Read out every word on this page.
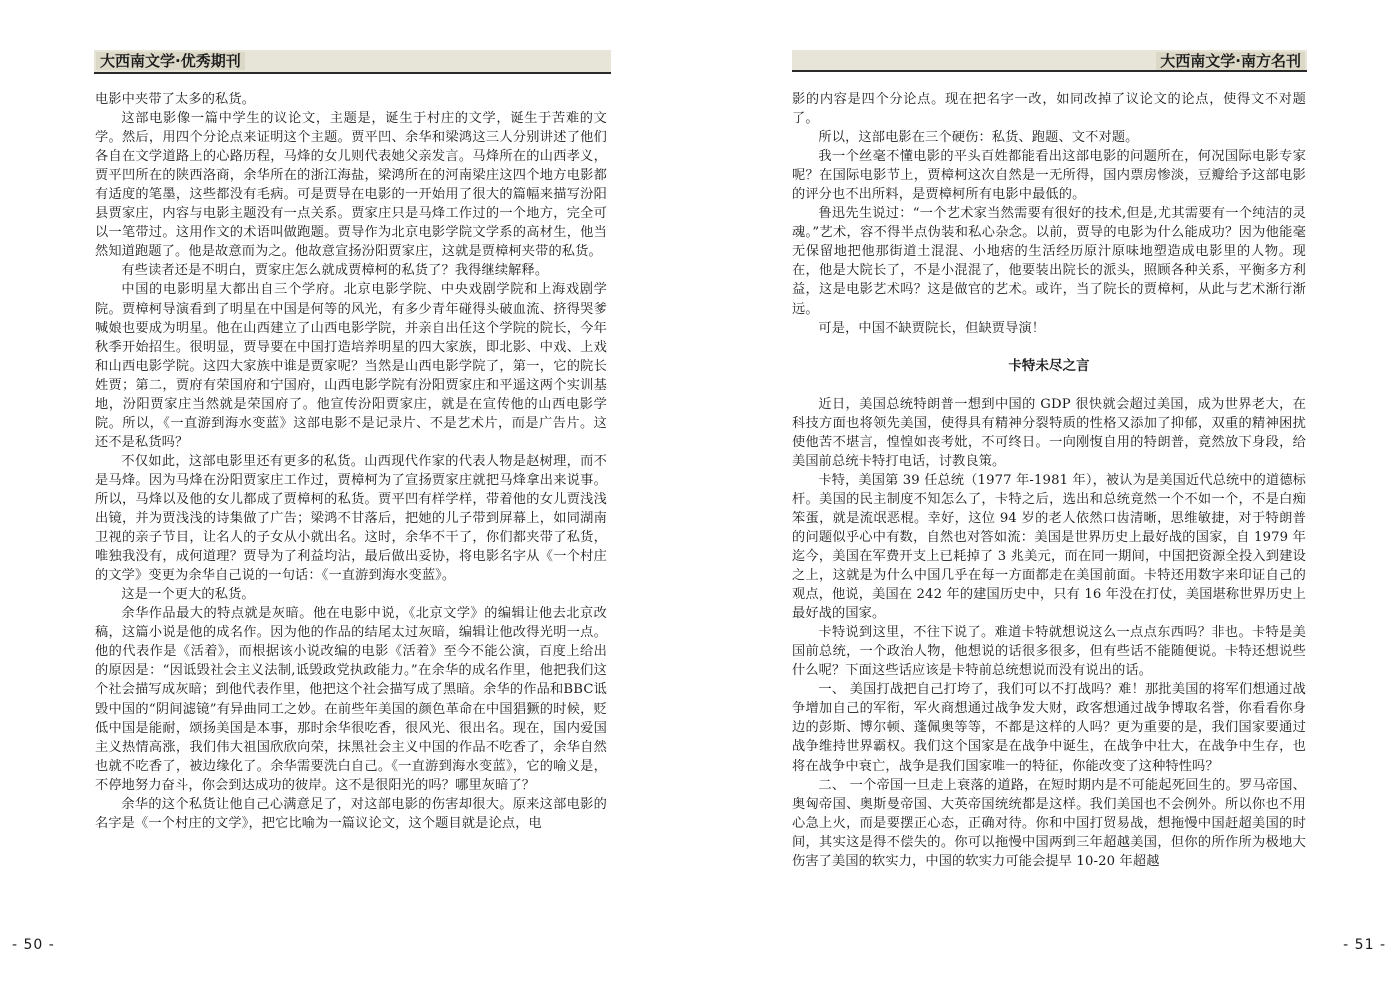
大西南文学·优秀期刊

电影中夹带了太多的私货。

这部电影像一篇中学生的议论文，主题是，诞生于村庄的文学，诞生于苦难的文学。然后，用四个分论点来证明这个主题。贾平凹、余华和梁鸿这三人分别讲述了他们各自在文学道路上的心路历程，马烽的女儿则代表她父亲发言。马烽所在的山西孝义，贾平凹所在的陕西洛商，余华所在的浙江海盐，梁鸿所在的河南梁庄这四个地方电影都有适度的笔墨，这些都没有毛病。可是贾导在电影的一开始用了很大的篇幅来描写汾阳县贾家庄，内容与电影主题没有一点关系。贾家庄只是马烽工作过的一个地方，完全可以一笔带过。这用作文的术语叫做跑题。贾导作为北京电影学院文学系的高材生，他当然知道跑题了。他是故意而为之。他故意宣扬汾阳贾家庄，这就是贾樟柯夹带的私货。

有些读者还是不明白，贾家庄怎么就成贾樟柯的私货了？我得继续解释。

中国的电影明星大都出自三个学府。北京电影学院、中央戏剧学院和上海戏剧学院。贾樟柯导演看到了明星在中国是何等的风光，有多少青年碰得头破血流、挤得哭爹喊娘也要成为明星。他在山西建立了山西电影学院，并亲自出任这个学院的院长，今年秋季开始招生。很明显，贾导要在中国打造培养明星的四大家族，即北影、中戏、上戏和山西电影学院。这四大家族中谁是贾家呢？当然是山西电影学院了，第一，它的院长姓贾；第二，贾府有荣国府和宁国府，山西电影学院有汾阳贾家庄和平遥这两个实训基地，汾阳贾家庄当然就是荣国府了。他宣传汾阳贾家庄，就是在宣传他的山西电影学院。所以，《一直游到海水变蓝》这部电影不是记录片、不是艺术片，而是广告片。这还不是私货吗？

不仅如此，这部电影里还有更多的私货。山西现代作家的代表人物是赵树理，而不是马烽。因为马烽在汾阳贾家庄工作过，贾樟柯为了宣扬贾家庄就把马烽拿出来说事。所以，马烽以及他的女儿都成了贾樟柯的私货。贾平凹有样学样，带着他的女儿贾浅浅出镜，并为贾浅浅的诗集做了广告；梁鸿不甘落后，把她的儿子带到屏幕上，如同湖南卫视的亲子节目，让名人的子女从小就出名。这时，余华不干了，你们都夹带了私货，唯独我没有，成何道理？贾导为了利益均沾，最后做出妥协，将电影名字从《一个村庄的文学》变更为余华自己说的一句话：《一直游到海水变蓝》。

这是一个更大的私货。

余华作品最大的特点就是灰暗。他在电影中说，《北京文学》的编辑让他去北京改稿，这篇小说是他的成名作。因为他的作品的结尾太过灰暗，编辑让他改得光明一点。他的代表作是《活着》，而根据该小说改编的电影《活着》至今不能公演，百度上给出的原因是：“因诋毁社会主义法制,诋毁政党执政能力。”在余华的成名作里，他把我们这个社会描写成灰暗；到他代表作里，他把这个社会描写成了黑暗。余华的作品和BBC诋毁中国的“阴间滤镜”有异曲同工之妙。在前些年美国的颜色革命在中国猖獗的时候，贬低中国是能耐，颂扬美国是本事，那时余华很吃香，很风光、很出名。现在，国内爱国主义热情高涨，我们伟大祖国欣欣向荣，抹黑社会主义中国的作品不吃香了，余华自然也就不吃香了，被边缘化了。余华需要洗白自己。《一直游到海水变蓝》，它的喻义是，不停地努力奋斗，你会到达成功的彼岸。这不是很阳光的吗？哪里灰暗了？

余华的这个私货让他自己心满意足了，对这部电影的伤害却很大。原来这部电影的名字是《一个村庄的文学》，把它比喻为一篇议论文，这个题目就是论点，电

- 50 -
大西南文学·南方名刊

影的内容是四个分论点。现在把名字一改，如同改掉了议论文的论点，使得文不对题了。

所以，这部电影在三个硬伤：私货、跑题、文不对题。

我一个丝毫不懂电影的平头百姓都能看出这部电影的问题所在，何况国际电影专家呢？在国际电影节上，贾樟柯这次自然是一无所得，国内票房惨淡，豆瓣给予这部电影的评分也不出所料，是贾樟柯所有电影中最低的。

鲁迅先生说过：“一个艺术家当然需要有很好的技术,但是,尤其需要有一个纯洁的灵魂。”艺术，容不得半点伪装和私心杂念。以前，贾导的电影为什么能成功？因为他能毫无保留地把他那街道土混混、小地痞的生活经历原汁原味地塑造成电影里的人物。现在，他是大院长了，不是小混混了，他要装出院长的派头，照顾各种关系，平衡多方利益，这是电影艺术吗？这是做官的艺术。或许，当了院长的贾樟柯，从此与艺术渐行渐远。

可是，中国不缺贾院长，但缺贾导演！

卡特未尽之言

近日，美国总统特朗普一想到中国的 GDP 很快就会超过美国，成为世界老大，在科技方面也将领先美国，使得具有精神分裂特质的性格又添加了抑郁，双重的精神困扰使他苦不堪言，惶惶如丧考妣，不可终日。一向刚愎自用的特朗普，竟然放下身段，给美国前总统卡特打电话，讨教良策。

卡特，美国第 39 任总统（1977 年-1981 年），被认为是美国近代总统中的道德标杆。美国的民主制度不知怎么了，卡特之后，选出和总统竟然一个不如一个，不是白痴笨蛋，就是流氓恶棍。幸好，这位 94 岁的老人依然口齿清晰，思维敏捷，对于特朗普的问题似乎心中有数，自然也对答如流：美国是世界历史上最好战的国家，自 1979 年迄今，美国在军费开支上已耗掉了 3 兆美元，而在同一期间，中国把资源全投入到建设之上，这就是为什么中国几乎在每一方面都走在美国前面。卡特还用数字来印证自己的观点，他说，美国在 242 年的建国历史中，只有 16 年没在打仗，美国堪称世界历史上最好战的国家。

卡特说到这里，不往下说了。难道卡特就想说这么一点点东西吗？非也。卡特是美国前总统，一个政治人物，他想说的话很多很多，但有些话不能随便说。卡特还想说些什么呢？下面这些话应该是卡特前总统想说而没有说出的话。

一、 美国打战把自己打垮了，我们可以不打战吗？难！那批美国的将军们想通过战争增加自己的军衔，军火商想通过战争发大财，政客想通过战争博取名誉，你看看你身边的彭斯、博尔顿、蓬佩奥等等，不都是这样的人吗？更为重要的是，我们国家要通过战争维持世界霸权。我们这个国家是在战争中诞生，在战争中壮大，在战争中生存，也将在战争中衰亡，战争是我们国家唯一的特征，你能改变了这种特性吗？

二、 一个帝国一旦走上衰落的道路，在短时期内是不可能起死回生的。罗马帝国、奥匈帝国、奥斯曼帝国、大英帝国统统都是这样。我们美国也不会例外。所以你也不用心急上火，而是要摆正心态，正确对待。你和中国打贸易战，想拖慢中国赶超美国的时间，其实这是得不偿失的。你可以拖慢中国两到三年超越美国，但你的所作所为极地大伤害了美国的软实力，中国的软实力可能会提早 10-20 年超越

- 51 -
